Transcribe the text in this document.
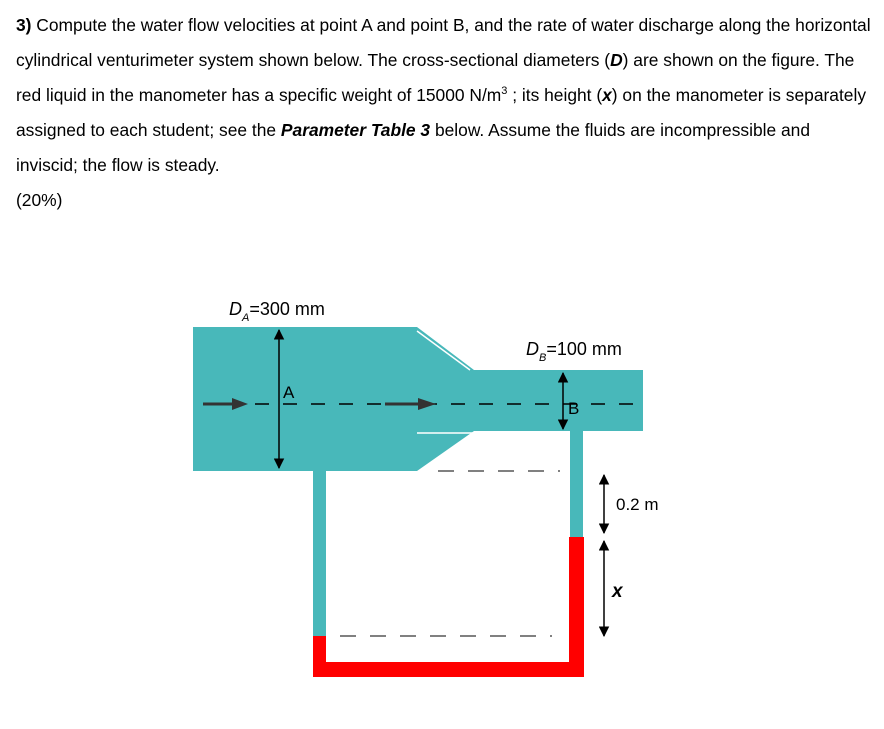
3) Compute the water flow velocities at point A and point B, and the rate of water discharge along the horizontal cylindrical venturimeter system shown below. The cross-sectional diameters (D) are shown on the figure. The red liquid in the manometer has a specific weight of 15000 $N/m^3$ ; its height (x) on the manometer is separately assigned to each student; see the Parameter Table 3 below. Assume the fluids are incompressible and inviscid; the flow is steady.

(20%)

$D_A=300$ mm
$D_B=100$ mm
A
B
0.2 m
x
